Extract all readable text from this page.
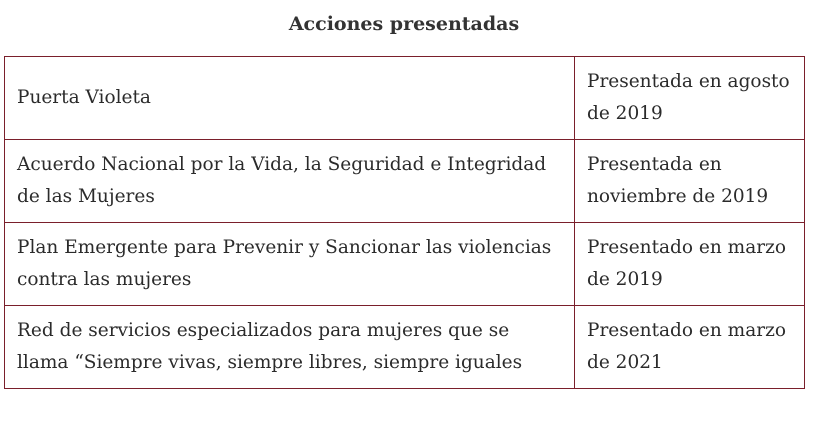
Acciones presentadas
Puerta Violeta	Presentada en agosto de 2019
Acuerdo Nacional por la Vida, la Seguridad e Integridad de las Mujeres	Presentada en noviembre de 2019
Plan Emergente para Prevenir y Sancionar las violencias contra las mujeres	Presentado en marzo de 2019
Red de servicios especializados para mujeres que se llama “Siempre vivas, siempre libres, siempre iguales	Presentado en marzo de 2021
